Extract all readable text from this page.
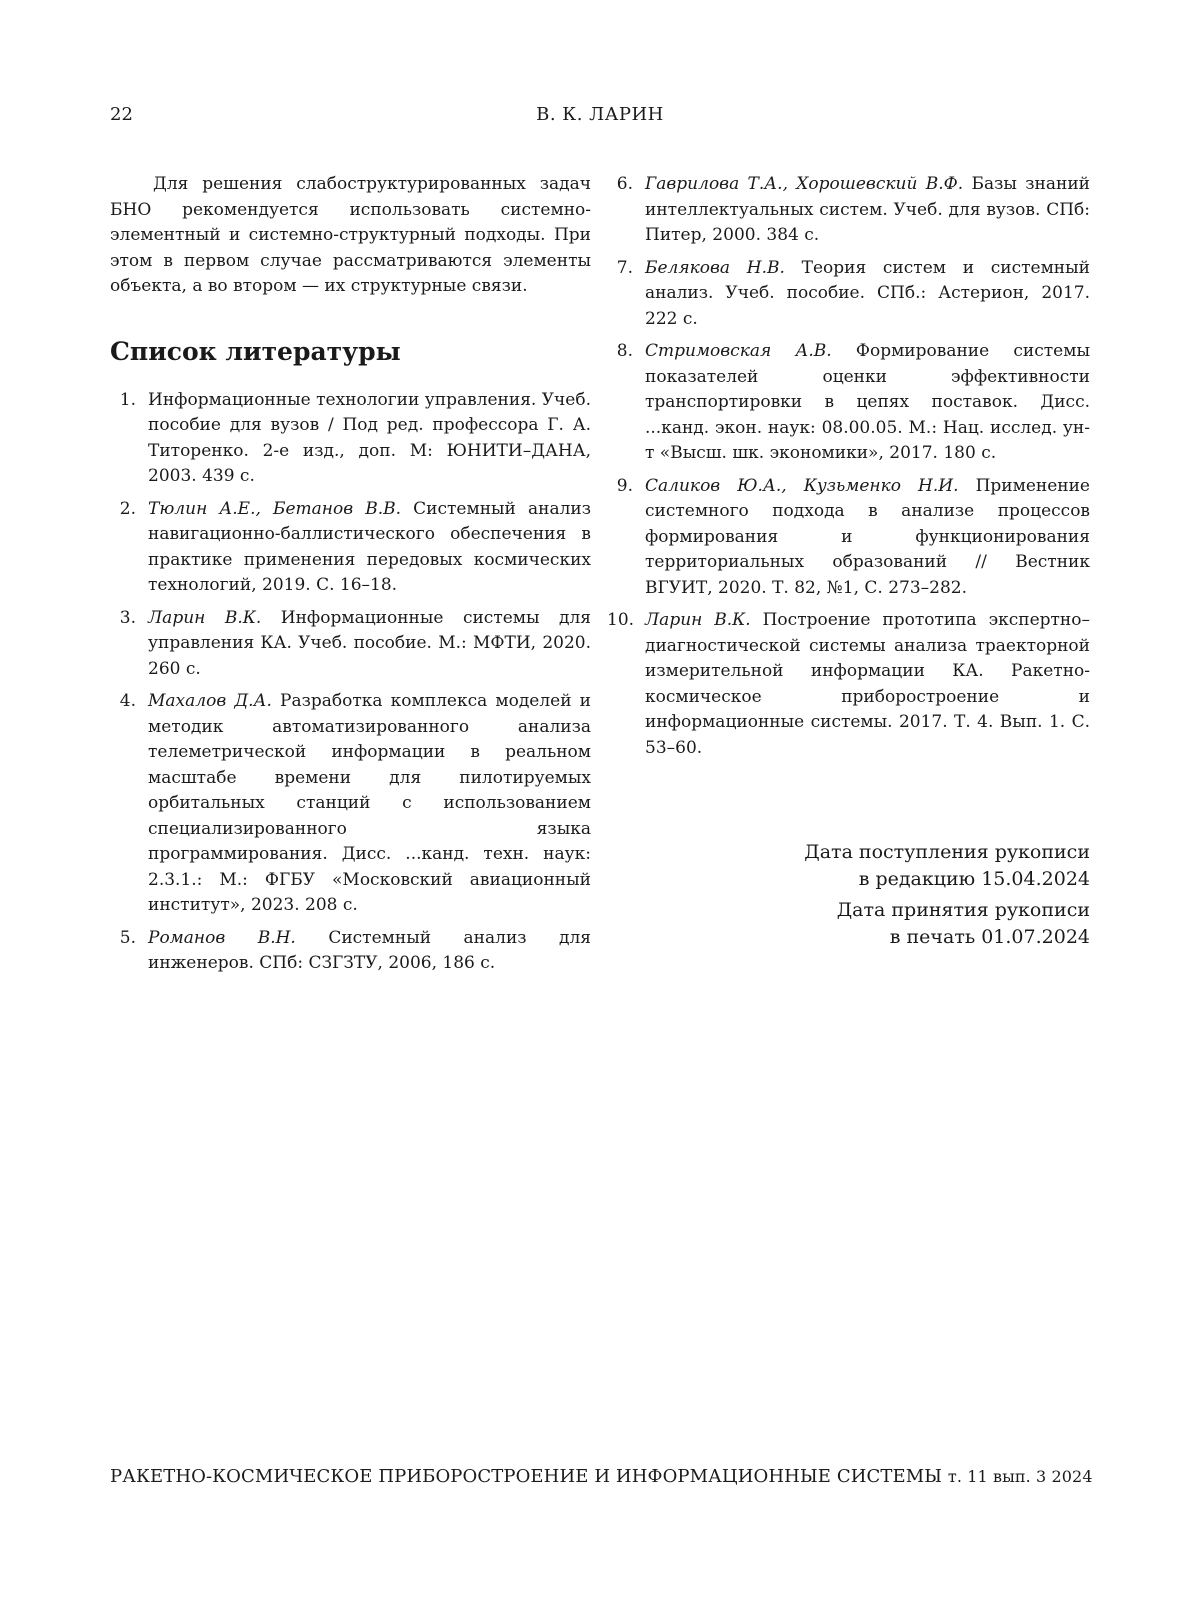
22	В. К. ЛАРИН

Для решения слабоструктурированных задач БНО рекомендуется использовать системно-элементный и системно-структурный подходы. При этом в первом случае рассматриваются элементы объекта, а во втором — их структурные связи.

Список литературы
1. Информационные технологии управления. Учеб. пособие для вузов / Под ред. профессора Г. А. Титоренко. 2-е изд., доп. М: ЮНИТИ–ДАНА, 2003. 439 с.
2. Тюлин А.Е., Бетанов В.В. Системный анализ навигационно-баллистического обеспечения в практике применения передовых космических технологий, 2019. С. 16–18.
3. Ларин В.К. Информационные системы для управления КА. Учеб. пособие. М.: МФТИ, 2020. 260 с.
4. Махалов Д.А. Разработка комплекса моделей и методик автоматизированного анализа телеметрической информации в реальном масштабе времени для пилотируемых орбитальных станций с использованием специализированного языка программирования. Дисс. ...канд. техн. наук: 2.3.1.: М.: ФГБУ «Московский авиационный институт», 2023. 208 с.
5. Романов В.Н. Системный анализ для инженеров. СПб: СЗГЗТУ, 2006, 186 с.
6. Гаврилова Т.А., Хорошевский В.Ф. Базы знаний интеллектуальных систем. Учеб. для вузов. СПб: Питер, 2000. 384 с.
7. Белякова Н.В. Теория систем и системный анализ. Учеб. пособие. СПб.: Астерион, 2017. 222 с.
8. Стримовская А.В. Формирование системы показателей оценки эффективности транспортировки в цепях поставок. Дисс. ...канд. экон. наук: 08.00.05. М.: Нац. исслед. ун-т «Высш. шк. экономики», 2017. 180 с.
9. Саликов Ю.А., Кузьменко Н.И. Применение системного подхода в анализе процессов формирования и функционирования территориальных образований // Вестник ВГУИТ, 2020. Т. 82, №1, С. 273–282.
10. Ларин В.К. Построение прототипа экспертно–диагностической системы анализа траекторной измерительной информации КА. Ракетно-космическое приборостроение и информационные системы. 2017. Т. 4. Вып. 1. С. 53–60.
Дата поступления рукописи
в редакцию 15.04.2024
Дата принятия рукописи
в печать 01.07.2024
РАКЕТНО-КОСМИЧЕСКОЕ ПРИБОРОСТРОЕНИЕ И ИНФОРМАЦИОННЫЕ СИСТЕМЫ т. 11 вып. 3 2024
